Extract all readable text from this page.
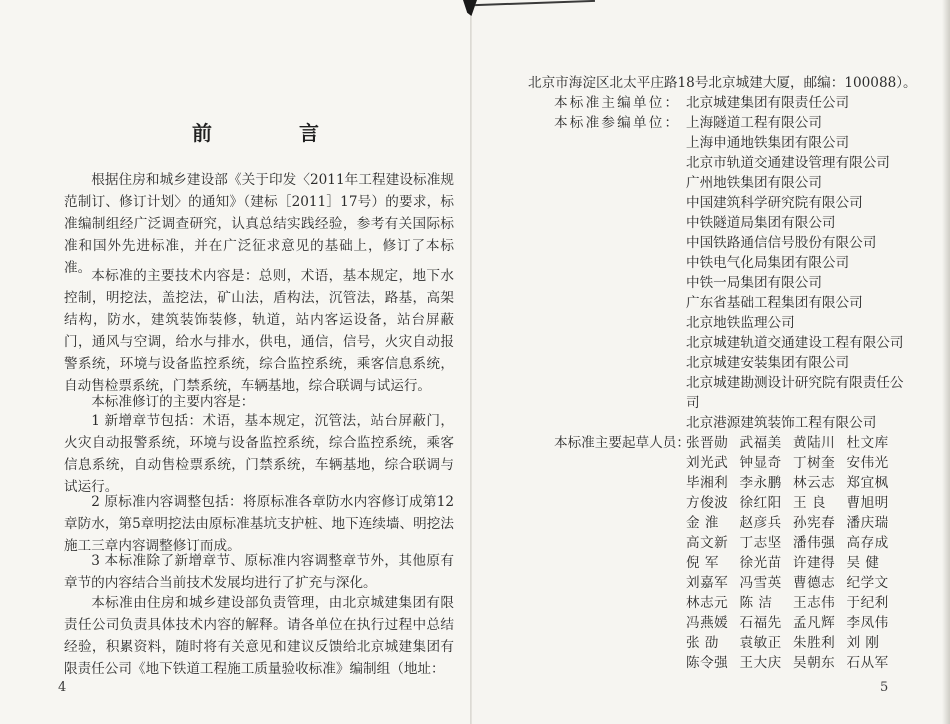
前 言
根据住房和城乡建设部《关于印发〈2011年工程建设标准规范制订、修订计划〉的通知》（建标［2011］17号）的要求，标准编制组经广泛调查研究，认真总结实践经验，参考有关国际标准和国外先进标准，并在广泛征求意见的基础上，修订了本标准。 本标准的主要技术内容是：总则，术语，基本规定，地下水控制，明挖法，盖挖法，矿山法，盾构法，沉管法，路基，高架结构，防水，建筑装饰装修，轨道，站内客运设备，站台屏蔽门，通风与空调，给水与排水，供电，通信，信号，火灾自动报警系统，环境与设备监控系统，综合监控系统，乘客信息系统，自动售检票系统，门禁系统，车辆基地，综合联调与试运行。
本标准修订的主要内容是：
1 新增章节包括：术语，基本规定，沉管法，站台屏蔽门，火灾自动报警系统，环境与设备监控系统，综合监控系统，乘客信息系统，自动售检票系统，门禁系统，车辆基地，综合联调与试运行。
2 原标准内容调整包括：将原标准各章防水内容修订成第12章防水，第5章明挖法由原标准基坑支护桩、地下连续墙、明挖法施工三章内容调整修订而成。
3 本标准除了新增章节、原标准内容调整章节外，其他原有章节的内容结合当前技术发展均进行了扩充与深化。
本标准由住房和城乡建设部负责管理，由北京城建集团有限责任公司负责具体技术内容的解释。请各单位在执行过程中总结经验，积累资料，随时将有关意见和建议反馈给北京城建集团有限责任公司《地下铁道工程施工质量验收标准》编制组（地址：
4
北京市海淀区北太平庄路18号北京城建大厦，邮编：100088）。
本标准主编单位： 北京城建集团有限责任公司
本标准参编单位： 上海隧道工程有限公司
上海申通地铁集团有限公司
北京市轨道交通建设管理有限公司
广州地铁集团有限公司
中国建筑科学研究院有限公司
中铁隧道局集团有限公司
中国铁路通信信号股份有限公司
中铁电气化局集团有限公司
中铁一局集团有限公司
广东省基础工程集团有限公司
北京地铁监理公司
北京城建轨道交通建设工程有限公司
北京城建安装集团有限公司
北京城建勘测设计研究院有限责任公司
北京港源建筑装饰工程有限公司
本标准主要起草人员：
张晋勋 武福美 黄陆川 杜文库
刘光武 钟显奇 丁树奎 安伟光
毕湘利 李永鹏 林云志 郑宜枫
方俊波 徐红阳 王 良	曹旭明
金 淮	赵彦兵 孙宪春 潘庆瑞
高文新 丁志坚 潘伟强 高存成
倪 军	徐光苗 许建得 吴 健
刘嘉军 冯雪英 曹德志 纪学文
林志元 陈 洁	王志伟 于纪利
冯燕媛 石福先 孟凡辉 李凤伟
张 劭	袁敏正 朱胜利 刘 刚
陈令强 王大庆 吴朝东 石从军
5
